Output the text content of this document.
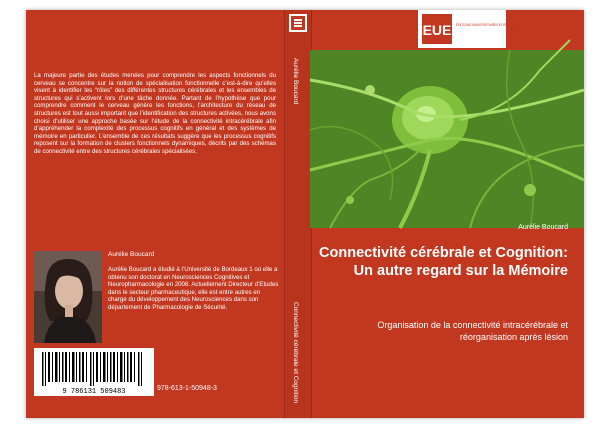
La majeure partie des études menées pour comprendre les aspects fonctionnels du cerveau se concentre sur la notion de spécialisation fonctionnelle c’est-à-dire qu’elles visent à identifier les “rôles” des différentes structures cérébrales et les ensembles de structures qui s’activent lors d’une tâche donnée. Partant de l’hypothèse que pour comprendre comment le cerveau génère les fonctions, l’architecture du réseau de structures est tout aussi important que l’identification des structures activées, nous avons choisi d’utiliser une approche basée sur l’étude de la connectivité intracérébrale afin d’appréhender la complexité des processus cognitifs en général et des systèmes de mémoire en particulier. L’ensemble de ces résultats suggère que les processus cognitifs reposent sur la formation de clusters fonctionnels dynamiques, décrits par des schémas de connectivité entre des structures cérébrales spécialisées.
Aurélie Boucard
Aurélie Boucard a étudié à l’Université de Bordeaux 1 où elle a obtenu son doctorat en Neurosciences Cognitives et Neuropharmacologie en 2008. Actuellement Directeur d’Etudes dans le secteur pharmaceutique, elle est entre autres en charge du développement des Neurosciences dans son département de Pharmacologie de Sécurité.
9 786131 509483	978-613-1-50948-3
Aurélie Boucard
Connectivité cérébrale et Cognition
EUE ÉDITIONS UNIVERSITAIRES EUROPÉENNES
Aurélie Boucard
Connectivité cérébrale et Cognition: Un autre regard sur la Mémoire
Organisation de la connectivité intracérébrale et réorganisation après lésion
